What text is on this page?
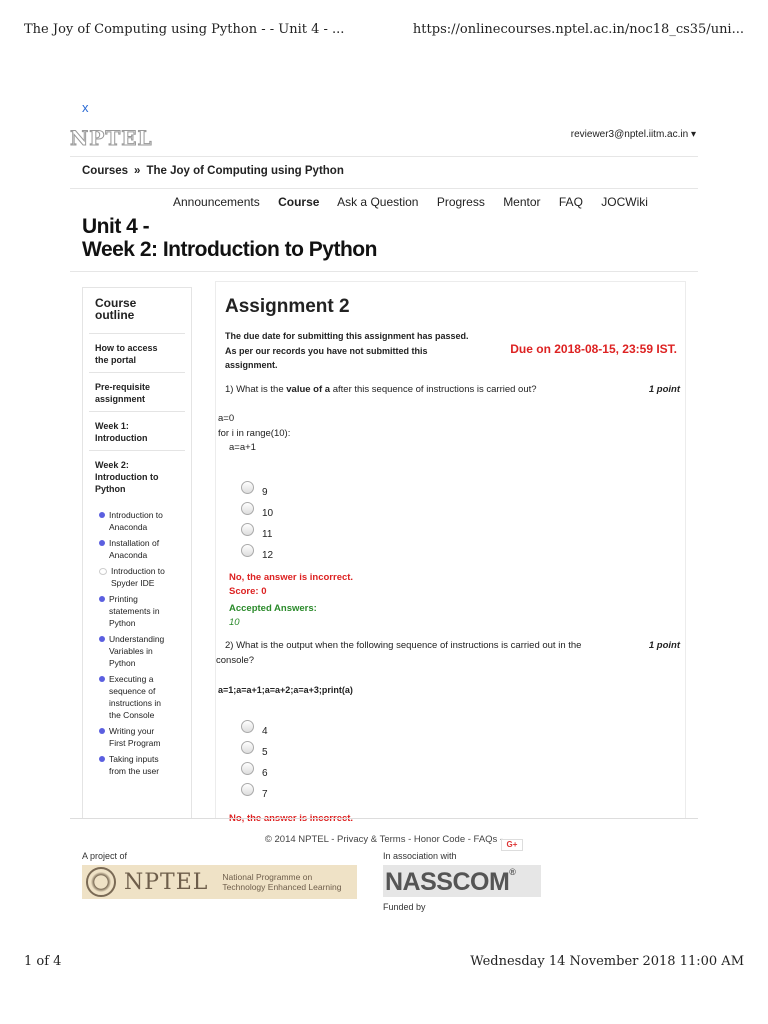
The Joy of Computing using Python - - Unit 4 - ...	https://onlinecourses.nptel.ac.in/noc18_cs35/uni...
x
NPTEL	reviewer3@nptel.iitm.ac.in ▾
Courses » The Joy of Computing using Python
Announcements Course Ask a Question Progress Mentor FAQ JOCWiki
Unit 4 -
Week 2: Introduction to Python
Course
outline
How to access
the portal
Pre-requisite
assignment
Week 1:
Introduction
Week 2:
Introduction to
Python
Introduction to
Anaconda
Installation of
Anaconda
Introduction to
Spyder IDE
Printing
statements in
Python
Understanding
Variables in
Python
Executing a
sequence of
instructions in
the Console
Writing your
First Program
Taking inputs
from the user
Assignment 2
The due date for submitting this assignment has passed.
As per our records you have not submitted this
assignment.
Due on 2018-08-15, 23:59 IST.
1) What is the value of a after this sequence of instructions is carried out?	1 point
a=0
for i in range(10):
a=a+1
9
10
11
12
No, the answer is incorrect.
Score: 0
Accepted Answers:
10
2) What is the output when the following sequence of instructions is carried out in the
console?
1 point
a=1;a=a+1;a=a+2;a=a+3;print(a)
4
5
6
7
© 2014 NPTEL - Privacy & Terms - Honor Code - FAQs - G+
A project of	In association with
NPTEL National Programme on
Technology Enhanced Learning NASSCOM®
Funded by
1 of 4	Wednesday 14 November 2018 11:00 AM
